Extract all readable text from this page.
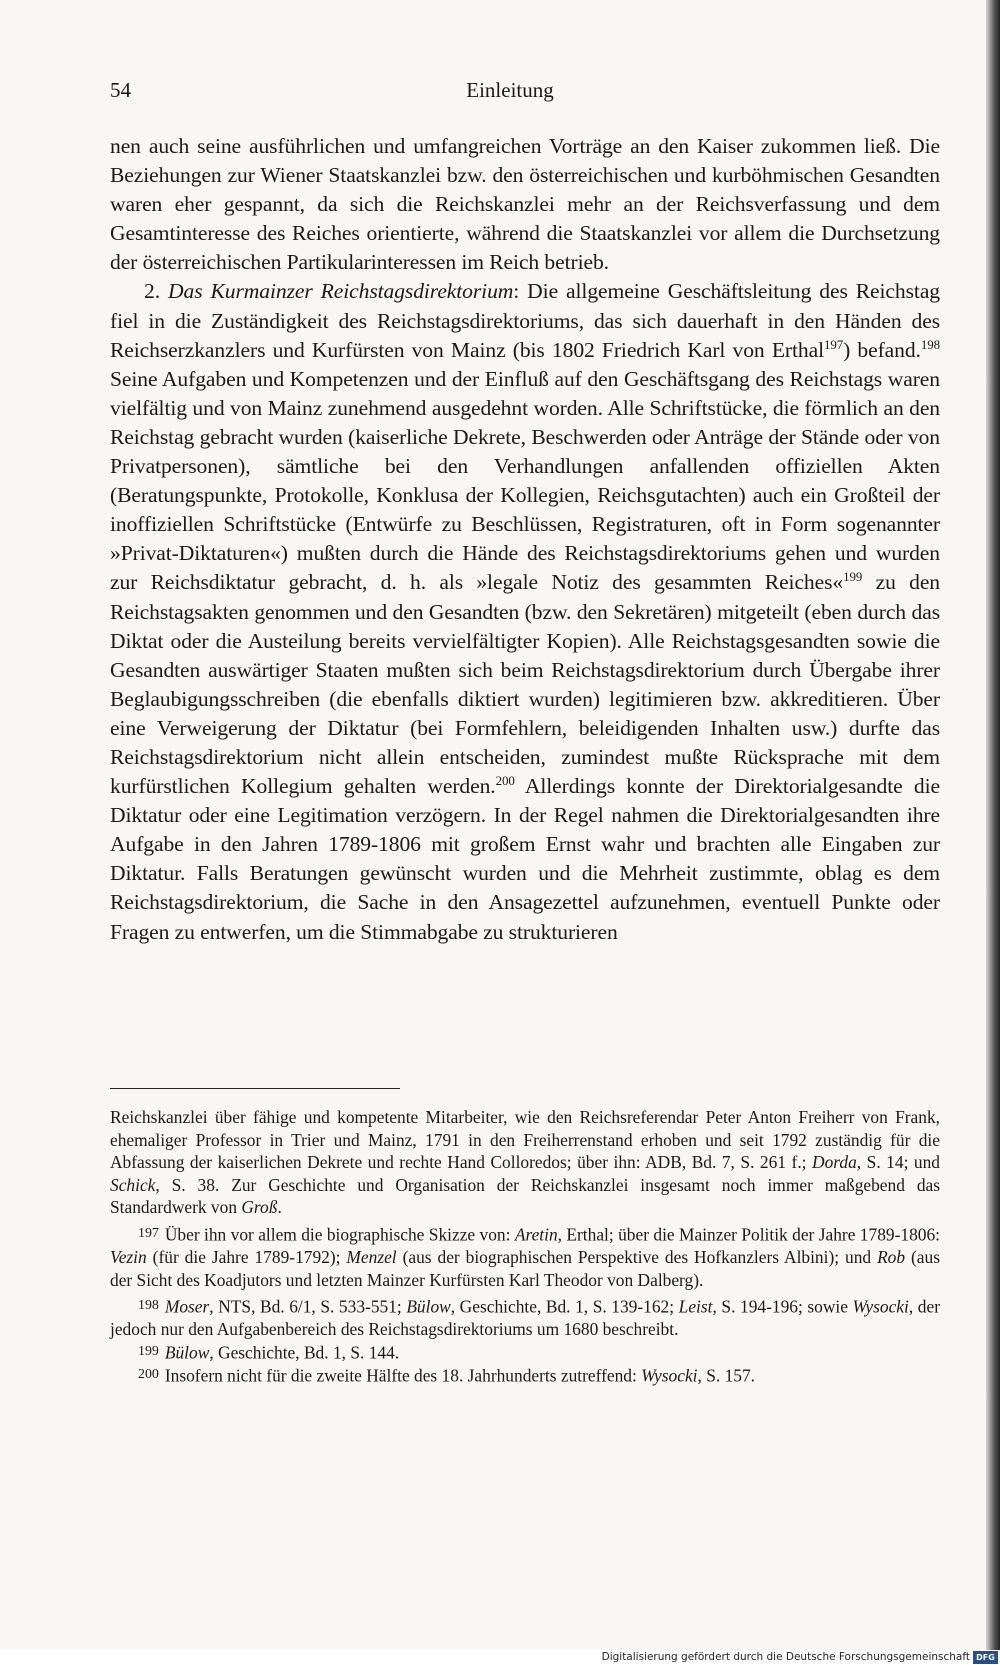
54	Einleitung

nen auch seine ausführlichen und umfangreichen Vorträge an den Kaiser zukommen ließ. Die Beziehungen zur Wiener Staatskanzlei bzw. den österreichischen und kurböhmischen Gesandten waren eher gespannt, da sich die Reichskanzlei mehr an der Reichsverfassung und dem Gesamtinteresse des Reiches orientierte, während die Staatskanzlei vor allem die Durchsetzung der österreichischen Partikularinteressen im Reich betrieb.

2. Das Kurmainzer Reichstagsdirektorium: Die allgemeine Geschäftsleitung des Reichstag fiel in die Zuständigkeit des Reichstagsdirektoriums, das sich dauerhaft in den Händen des Reichserzkanzlers und Kurfürsten von Mainz (bis 1802 Friedrich Karl von Erthal$^{197}$) befand.$^{198}$ Seine Aufgaben und Kompetenzen und der Einfluß auf den Geschäftsgang des Reichstags waren vielfältig und von Mainz zunehmend ausgedehnt worden. Alle Schriftstücke, die förmlich an den Reichstag gebracht wurden (kaiserliche Dekrete, Beschwerden oder Anträge der Stände oder von Privatpersonen), sämtliche bei den Verhandlungen anfallenden offiziellen Akten (Beratungspunkte, Protokolle, Konklusa der Kollegien, Reichsgutachten) auch ein Großteil der inoffiziellen Schriftstücke (Entwürfe zu Beschlüssen, Registraturen, oft in Form sogenannter »Privat-Diktaturen«) mußten durch die Hände des Reichstagsdirektoriums gehen und wurden zur Reichsdiktatur gebracht, d. h. als »legale Notiz des gesammten Reiches«$^{199}$ zu den Reichstagsakten genommen und den Gesandten (bzw. den Sekretären) mitgeteilt (eben durch das Diktat oder die Austeilung bereits vervielfältigter Kopien). Alle Reichstagsgesandten sowie die Gesandten auswärtiger Staaten mußten sich beim Reichstagsdirektorium durch Übergabe ihrer Beglaubigungsschreiben (die ebenfalls diktiert wurden) legitimieren bzw. akkreditieren. Über eine Verweigerung der Diktatur (bei Formfehlern, beleidigenden Inhalten usw.) durfte das Reichstagsdirektorium nicht allein entscheiden, zumindest mußte Rücksprache mit dem kurfürstlichen Kollegium gehalten werden.$^{200}$ Allerdings konnte der Direktorialgesandte die Diktatur oder eine Legitimation verzögern. In der Regel nahmen die Direktorialgesandten ihre Aufgabe in den Jahren 1789-1806 mit großem Ernst wahr und brachten alle Eingaben zur Diktatur. Falls Beratungen gewünscht wurden und die Mehrheit zustimmte, oblag es dem Reichstagsdirektorium, die Sache in den Ansagezettel aufzunehmen, eventuell Punkte oder Fragen zu entwerfen, um die Stimmabgabe zu strukturieren

Reichskanzlei über fähige und kompetente Mitarbeiter, wie den Reichsreferendar Peter Anton Freiherr von Frank, ehemaliger Professor in Trier und Mainz, 1791 in den Freiherrenstand erhoben und seit 1792 zuständig für die Abfassung der kaiserlichen Dekrete und rechte Hand Colloredos; über ihn: ADB, Bd. 7, S. 261 f.; Dorda, S. 14; und Schick, S. 38. Zur Geschichte und Organisation der Reichskanzlei insgesamt noch immer maßgebend das Standardwerk von Groß.

$^{197}$ Über ihn vor allem die biographische Skizze von: Aretin, Erthal; über die Mainzer Politik der Jahre 1789-1806: Vezin (für die Jahre 1789-1792); Menzel (aus der biographischen Perspektive des Hofkanzlers Albini); und Rob (aus der Sicht des Koadjutors und letzten Mainzer Kurfürsten Karl Theodor von Dalberg).

$^{198}$ Moser, NTS, Bd. 6/1, S. 533-551; Bülow, Geschichte, Bd. 1, S. 139-162; Leist, S. 194-196; sowie Wysocki, der jedoch nur den Aufgabenbereich des Reichstagsdirektoriums um 1680 beschreibt.

$^{199}$ Bülow, Geschichte, Bd. 1, S. 144.

$^{200}$ Insofern nicht für die zweite Hälfte des 18. Jahrhunderts zutreffend: Wysocki, S. 157.

Digitalisierung gefördert durch die Deutsche Forschungsgemeinschaft DFG
